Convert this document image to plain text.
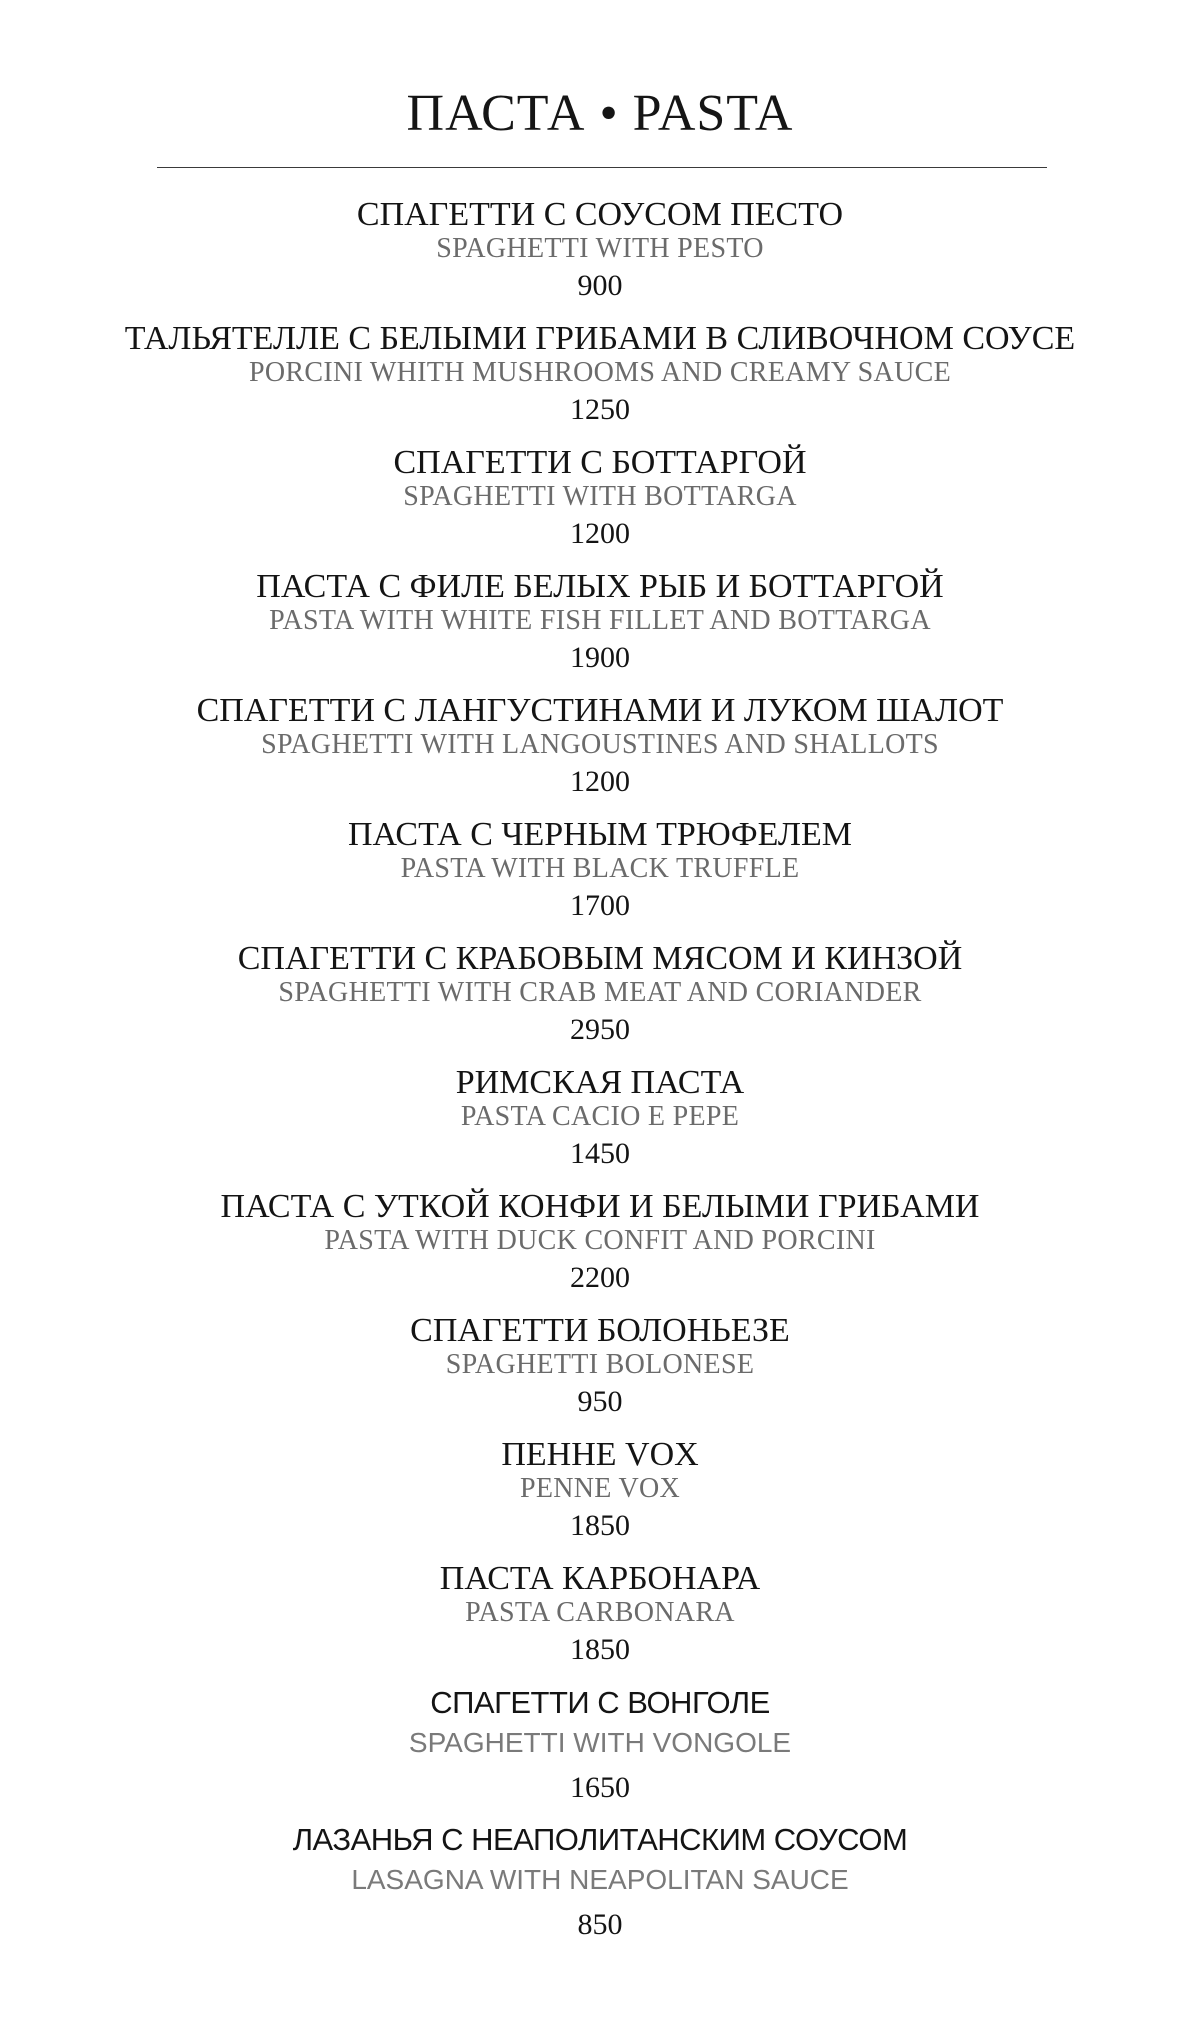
ПАСТА • PASTA
СПАГЕТТИ С СОУСОМ ПЕСТО
SPAGHETTI WITH PESTO
900
ТАЛЬЯТЕЛЛЕ С БЕЛЫМИ ГРИБАМИ В СЛИВОЧНОМ СОУСЕ
PORCINI WHITH MUSHROOMS AND CREAMY SAUCE
1250
СПАГЕТТИ С БОТТАРГОЙ
SPAGHETTI WITH BOTTARGA
1200
ПАСТА С ФИЛЕ БЕЛЫХ РЫБ И БОТТАРГОЙ
PASTA WITH WHITE FISH FILLET AND BOTTARGA
1900
СПАГЕТТИ С ЛАНГУСТИНАМИ И ЛУКОМ ШАЛОТ
SPAGHETTI WITH LANGOUSTINES AND SHALLOTS
1200
ПАСТА С ЧЕРНЫМ ТРЮФЕЛЕМ
PASTA WITH BLACK TRUFFLE
1700
СПАГЕТТИ С КРАБОВЫМ МЯСОМ И КИНЗОЙ
SPAGHETTI WITH CRAB MEAT AND CORIANDER
2950
РИМСКАЯ ПАСТА
PASTA CACIO E PEPE
1450
ПАСТА С УТКОЙ КОНФИ И БЕЛЫМИ ГРИБАМИ
PASTA WITH DUCK CONFIT AND PORCINI
2200
СПАГЕТТИ БОЛОНЬЕЗЕ
SPAGHETTI BOLONESE
950
ПЕННЕ VOX
PENNE VOX
1850
ПАСТА КАРБОНАРА
PASTA CARBONARA
1850
СПАГЕТТИ С ВОНГОЛЕ
SPAGHETTI WITH VONGOLE
1650
ЛАЗАНЬЯ С НЕАПОЛИТАНСКИМ СОУСОМ
LASAGNA WITH NEAPOLITAN SAUCE
850
